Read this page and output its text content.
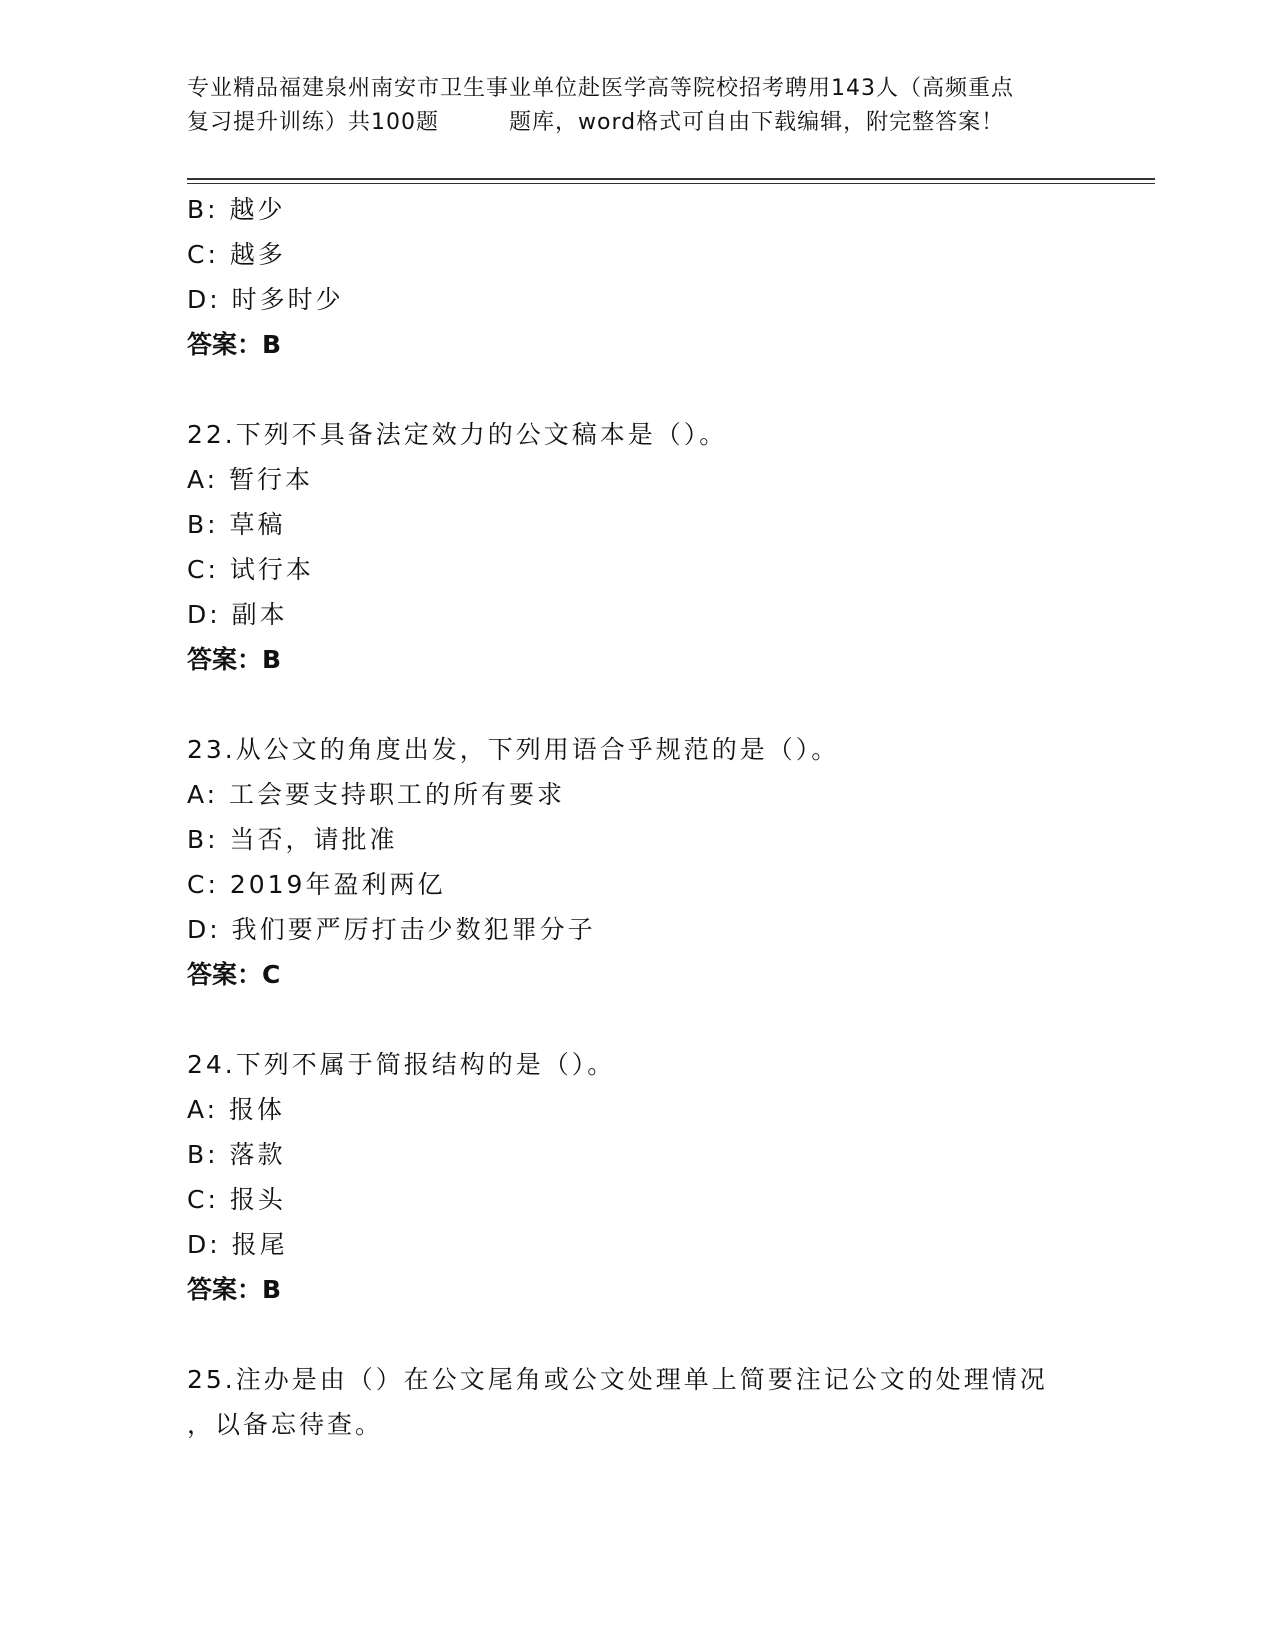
专业精品福建泉州南安市卫生事业单位赴医学高等院校招考聘用143人（高频重点
复习提升训练）共100题	题库，word格式可自由下载编辑，附完整答案！
B: 越少
C: 越多
D: 时多时少
答案：B
22.下列不具备法定效力的公文稿本是（）。
A: 暂行本
B: 草稿
C: 试行本
D: 副本
答案：B
23.从公文的角度出发，下列用语合乎规范的是（）。
A: 工会要支持职工的所有要求
B: 当否，请批准
C: 2019年盈利两亿
D: 我们要严厉打击少数犯罪分子
答案：C
24.下列不属于简报结构的是（）。
A: 报体
B: 落款
C: 报头
D: 报尾
答案：B
25.注办是由（）在公文尾角或公文处理单上简要注记公文的处理情况
，以备忘待查。
